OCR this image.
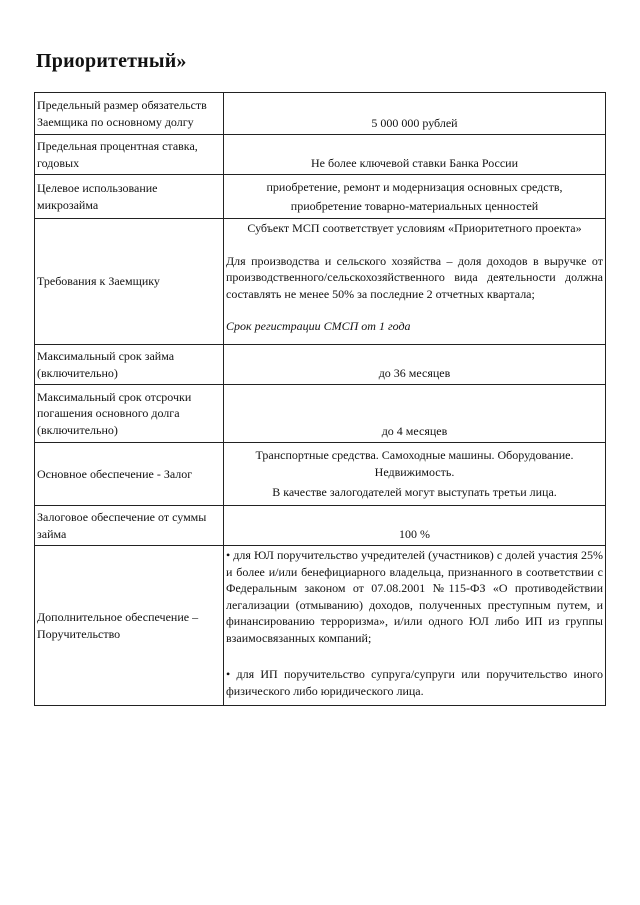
Приоритетный»
Предельный размер обязательств Заемщика по основному долгу	5 000 000 рублей
Предельная процентная ставка, годовых	Не более ключевой ставки Банка России
Целевое использование микрозайма	приобретение, ремонт и модернизация основных средств,

приобретение товарно-материальных ценностей

Требования к Заемщику	Субъект МСП соответствует условиям «Приоритетного проекта»

Для производства и сельского хозяйства – доля доходов в выручке от производственного/сельскохозяйственного вида деятельности должна составлять не менее 50% за последние 2 отчетных квартала;

Срок регистрации СМСП от 1 года

Максимальный срок займа (включительно)	до 36 месяцев
Максимальный срок отсрочки погашения основного долга (включительно)	до 4 месяцев
Основное обеспечение - Залог	Транспортные средства. Самоходные машины. Оборудование.

Недвижимость.

В качестве залогодателей могут выступать третьи лица.

Залоговое обеспечение от суммы займа	100 %
Дополнительное обеспечение – Поручительство	• для ЮЛ поручительство учредителей (участников) с долей участия 25% и более и/или бенефициарного владельца, признанного в соответствии с Федеральным законом от 07.08.2001 №115-ФЗ «О противодействии легализации (отмыванию) доходов, полученных преступным путем, и финансированию терроризма», и/или одного ЮЛ либо ИП из группы взаимосвязанных компаний;

• для ИП поручительство супруга/супруги или поручительство иного физического либо юридического лица.
